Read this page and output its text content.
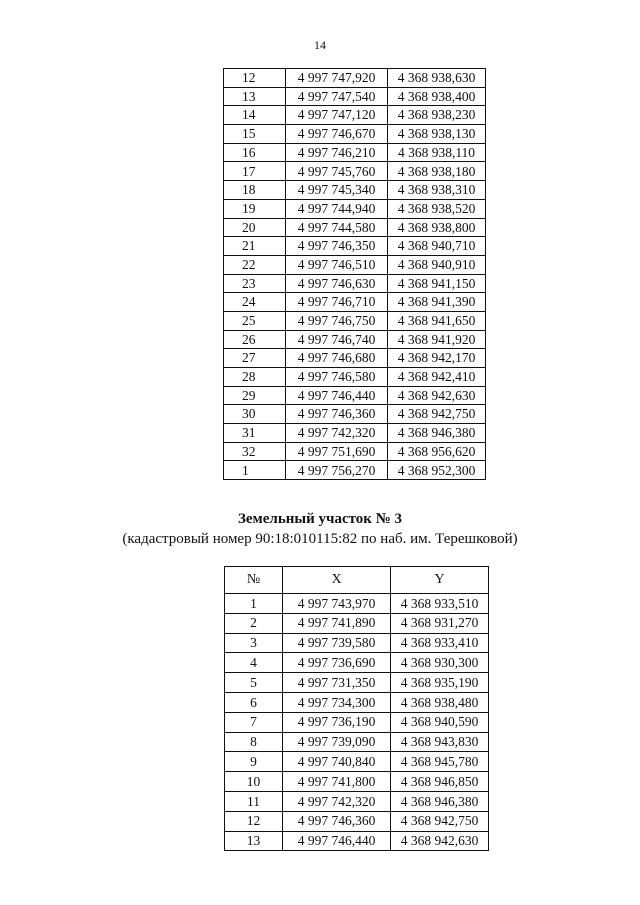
14
12	4 997 747,920	4 368 938,630
13	4 997 747,540	4 368 938,400
14	4 997 747,120	4 368 938,230
15	4 997 746,670	4 368 938,130
16	4 997 746,210	4 368 938,110
17	4 997 745,760	4 368 938,180
18	4 997 745,340	4 368 938,310
19	4 997 744,940	4 368 938,520
20	4 997 744,580	4 368 938,800
21	4 997 746,350	4 368 940,710
22	4 997 746,510	4 368 940,910
23	4 997 746,630	4 368 941,150
24	4 997 746,710	4 368 941,390
25	4 997 746,750	4 368 941,650
26	4 997 746,740	4 368 941,920
27	4 997 746,680	4 368 942,170
28	4 997 746,580	4 368 942,410
29	4 997 746,440	4 368 942,630
30	4 997 746,360	4 368 942,750
31	4 997 742,320	4 368 946,380
32	4 997 751,690	4 368 956,620
1	4 997 756,270	4 368 952,300
Земельный участок № 3
(кадастровый номер 90:18:010115:82 по наб. им. Терешковой)
№	X	Y
1	4 997 743,970	4 368 933,510
2	4 997 741,890	4 368 931,270
3	4 997 739,580	4 368 933,410
4	4 997 736,690	4 368 930,300
5	4 997 731,350	4 368 935,190
6	4 997 734,300	4 368 938,480
7	4 997 736,190	4 368 940,590
8	4 997 739,090	4 368 943,830
9	4 997 740,840	4 368 945,780
10	4 997 741,800	4 368 946,850
11	4 997 742,320	4 368 946,380
12	4 997 746,360	4 368 942,750
13	4 997 746,440	4 368 942,630
